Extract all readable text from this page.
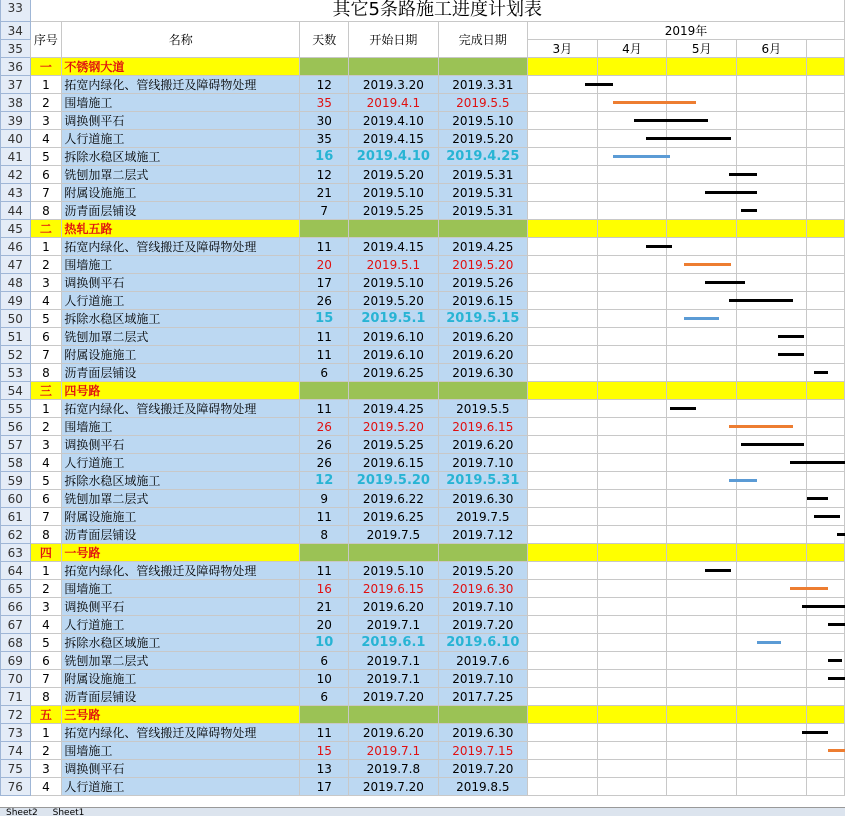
33	其它5条路施工进度计划表									
34	序号	名称	天数	开始日期	完成日期	2019年				
35						3月	4月	5月	6月	
36	一	不锈钢大道								
37	1	拓宽内绿化、管线搬迁及障碍物处理	12	2019.3.20	2019.3.31					
38	2	围墙施工	35	2019.4.1	2019.5.5					
39	3	调换侧平石	30	2019.4.10	2019.5.10					
40	4	人行道施工	35	2019.4.15	2019.5.20					
41	5	拆除水稳区域施工	16	2019.4.10	2019.4.25					
42	6	铣刨加罩二层式	12	2019.5.20	2019.5.31					
43	7	附属设施施工	21	2019.5.10	2019.5.31					
44	8	沥青面层铺设	7	2019.5.25	2019.5.31					
45	二	热轧五路								
46	1	拓宽内绿化、管线搬迁及障碍物处理	11	2019.4.15	2019.4.25					
47	2	围墙施工	20	2019.5.1	2019.5.20					
48	3	调换侧平石	17	2019.5.10	2019.5.26					
49	4	人行道施工	26	2019.5.20	2019.6.15					
50	5	拆除水稳区域施工	15	2019.5.1	2019.5.15					
51	6	铣刨加罩二层式	11	2019.6.10	2019.6.20					
52	7	附属设施施工	11	2019.6.10	2019.6.20					
53	8	沥青面层铺设	6	2019.6.25	2019.6.30					
54	三	四号路								
55	1	拓宽内绿化、管线搬迁及障碍物处理	11	2019.4.25	2019.5.5					
56	2	围墙施工	26	2019.5.20	2019.6.15					
57	3	调换侧平石	26	2019.5.25	2019.6.20					
58	4	人行道施工	26	2019.6.15	2019.7.10					
59	5	拆除水稳区域施工	12	2019.5.20	2019.5.31					
60	6	铣刨加罩二层式	9	2019.6.22	2019.6.30					
61	7	附属设施施工	11	2019.6.25	2019.7.5					
62	8	沥青面层铺设	8	2019.7.5	2019.7.12					
63	四	一号路								
64	1	拓宽内绿化、管线搬迁及障碍物处理	11	2019.5.10	2019.5.20					
65	2	围墙施工	16	2019.6.15	2019.6.30					
66	3	调换侧平石	21	2019.6.20	2019.7.10					
67	4	人行道施工	20	2019.7.1	2019.7.20					
68	5	拆除水稳区域施工	10	2019.6.1	2019.6.10					
69	6	铣刨加罩二层式	6	2019.7.1	2019.7.6					
70	7	附属设施施工	10	2019.7.1	2019.7.10					
71	8	沥青面层铺设	6	2019.7.20	2017.7.25					
72	五	三号路								
73	1	拓宽内绿化、管线搬迁及障碍物处理	11	2019.6.20	2019.6.30					
74	2	围墙施工	15	2019.7.1	2019.7.15					
75	3	调换侧平石	13	2019.7.8	2019.7.20					
76	4	人行道施工	17	2019.7.20	2019.8.5					
Sheet2 Sheet1
